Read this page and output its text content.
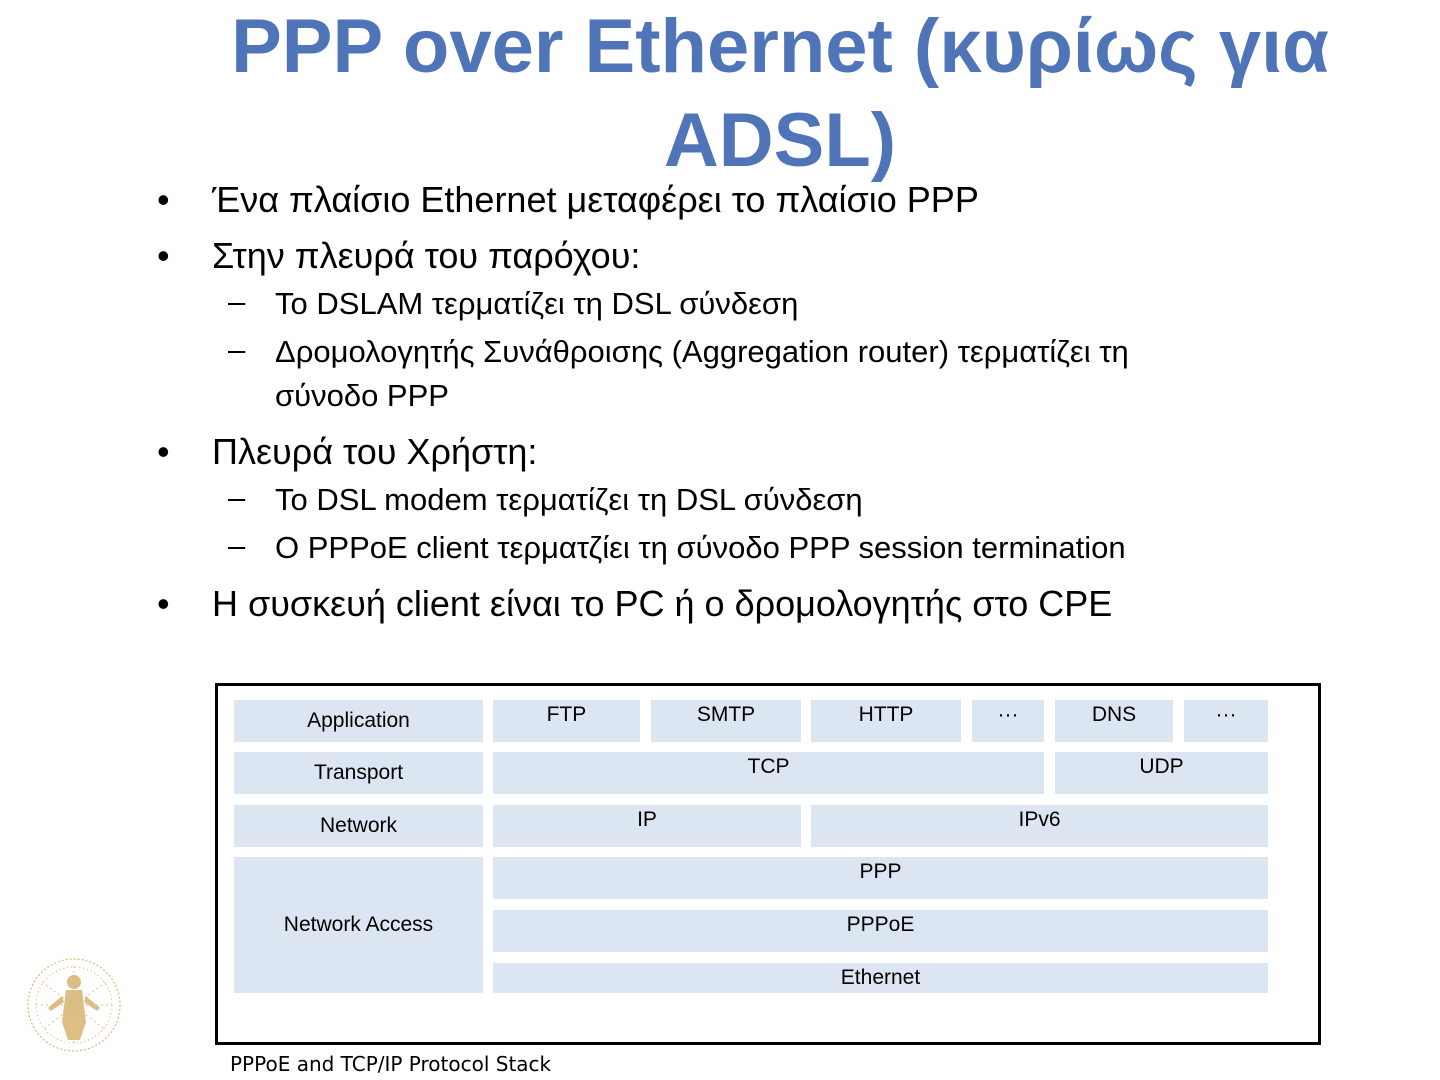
PPP over Ethernet (κυρίως για
ADSL)
• Ένα πλαίσιο Ethernet μεταφέρει το πλαίσιο PPP
• Στην πλευρά του παρόχου:
– Το DSLAM τερματίζει τη DSL σύνδεση
– Δρομολογητής Συνάθροισης (Aggregation router) τερματίζει τη
σύνοδο PPP
• Πλευρά του Χρήστη:
– Το DSL modem τερματίζει τη DSL σύνδεση
– Ο PPPoE client τερματζίει τη σύνοδο PPP session termination
• Η συσκευή client είναι το PC ή ο δρομολογητής στο CPE
Application	FTP	SMTP	HTTP	···	DNS	···
Transport	TCP	UDP
Network	IP	IPv6
Network Access
PPP
PPPoE
Ethernet
PPPoE and TCP/IP Protocol Stack
